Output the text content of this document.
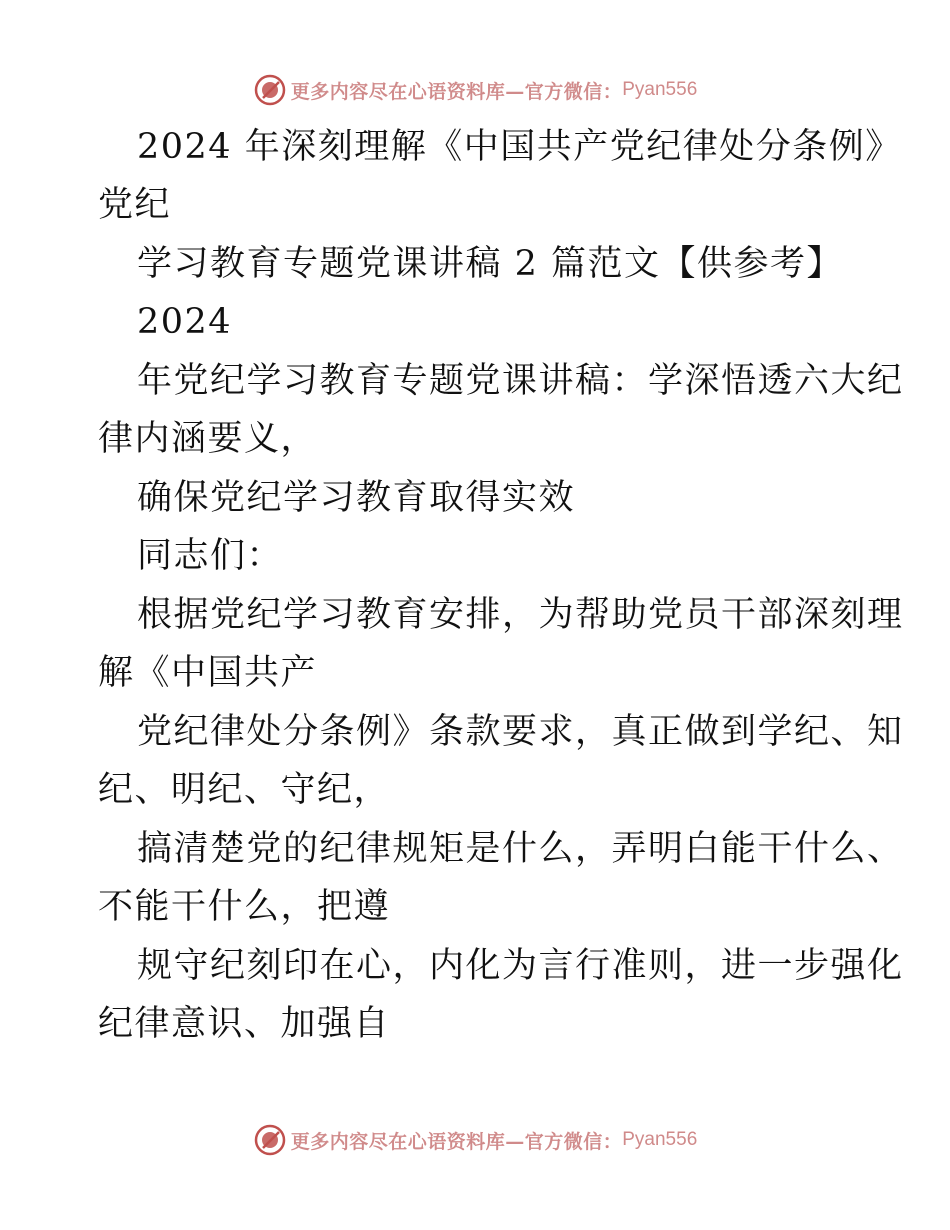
更多内容尽在心语资料库—官方微信： Pyan556
2024 年深刻理解《中国共产党纪律处分条例》
党纪
学习教育专题党课讲稿 2 篇范文【供参考】
2024
年党纪学习教育专题党课讲稿：学深悟透六大纪
律内涵要义，
确保党纪学习教育取得实效
同志们：
根据党纪学习教育安排，为帮助党员干部深刻理
解《中国共产
党纪律处分条例》条款要求，真正做到学纪、知
纪、明纪、守纪，
搞清楚党的纪律规矩是什么，弄明白能干什么、
不能干什么，把遵
规守纪刻印在心，内化为言行准则，进一步强化
纪律意识、加强自
更多内容尽在心语资料库—官方微信： Pyan556
